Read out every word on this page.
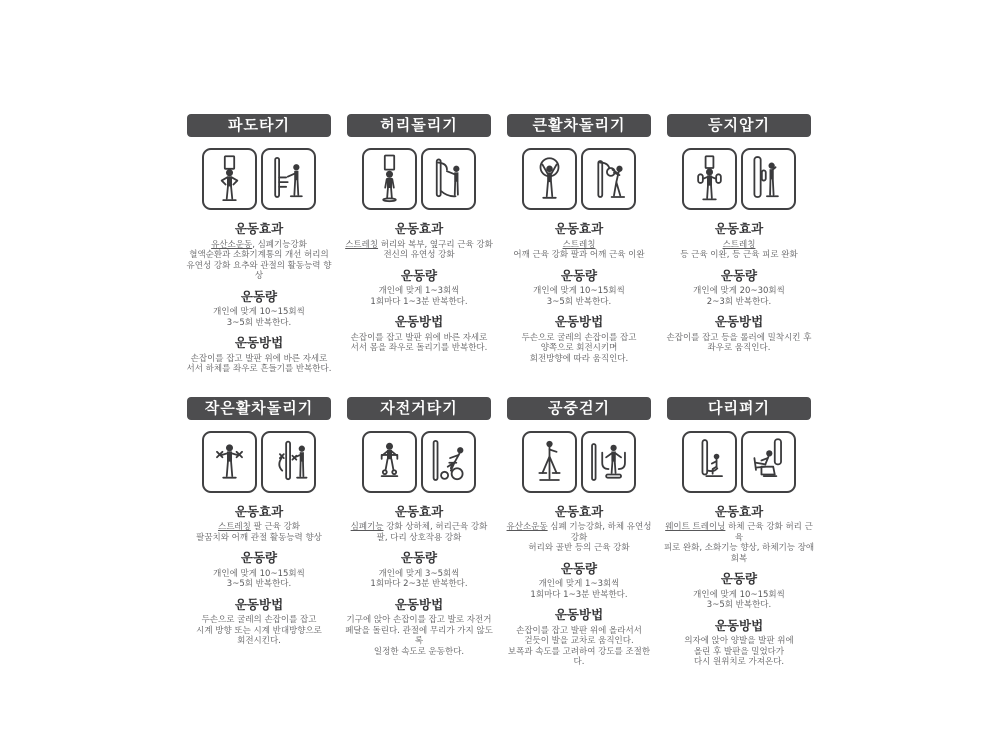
파도타기
운동효과

유산소운동, 심폐기능강화
혈액순환과 소화기계통의 개선 허리의
유연성 강화 요추와 관절의 활동능력 향상

운동량

개인에 맞게 10~15회씩
3~5회 반복한다.

운동방법

손잡이를 잡고 발판 위에 바른 자세로
서서 하체를 좌우로 흔들기를 반복한다.

허리돌리기
운동효과

스트레칭 허리와 복부, 옆구리 근육 강화
전신의 유연성 강화

운동량

개인에 맞게 1~3회씩
1회마다 1~3분 반복한다.

운동방법

손잡이를 잡고 발판 위에 바른 자세로
서서 몸을 좌우로 돌리기를 반복한다.

큰활차돌리기
운동효과

스트레칭
어깨 근육 강화 팔과 어깨 근육 이완

운동량

개인에 맞게 10~15회씩
3~5회 반복한다.

운동방법

두손으로 굴레의 손잡이를 잡고
양쪽으로 회전시키며
회전방향에 따라 움직인다.

등지압기
운동효과

스트레칭
등 근육 이완, 등 근육 피로 완화

운동량

개인에 맞게 20~30회씩
2~3회 반복한다.

운동방법

손잡이를 잡고 등을 롤러에 밀착시킨 후
좌우로 움직인다.

작은활차돌리기
운동효과

스트레칭 팔 근육 강화
팔꿈치와 어깨 관절 활동능력 향상

운동량

개인에 맞게 10~15회씩
3~5회 반복한다.

운동방법

두손으로 굴레의 손잡이를 잡고
시계 방향 또는 시계 반대방향으로
회전시킨다.

자전거타기
운동효과

심폐기능 강화 상하체, 허리근육 강화
팔, 다리 상호작용 강화

운동량

개인에 맞게 3~5회씩
1회마다 2~3분 반복한다.

운동방법

기구에 앉아 손잡이를 잡고 발로 자전거
페달을 돌린다. 관절에 무리가 가지 않도록
일정한 속도로 운동한다.

공중걷기
운동효과

유산소운동 심폐 기능강화, 하체 유연성 강화
허리와 골반 등의 근육 강화

운동량

개인에 맞게 1~3회씩
1회마다 1~3분 반복한다.

운동방법

손잡이를 잡고 발판 위에 올라서서
걷듯이 발을 교차로 움직인다.
보폭과 속도를 고려하여 강도를 조절한다.

다리펴기
운동효과

웨이트 트레이닝 하체 근육 강화 허리 근육
피로 완화, 소화기능 향상, 하체기능 장애 회복

운동량

개인에 맞게 10~15회씩
3~5회 반복한다.

운동방법

의자에 앉아 양발을 발판 위에
올린 후 발판을 밀었다가
다시 원위치로 가져온다.
